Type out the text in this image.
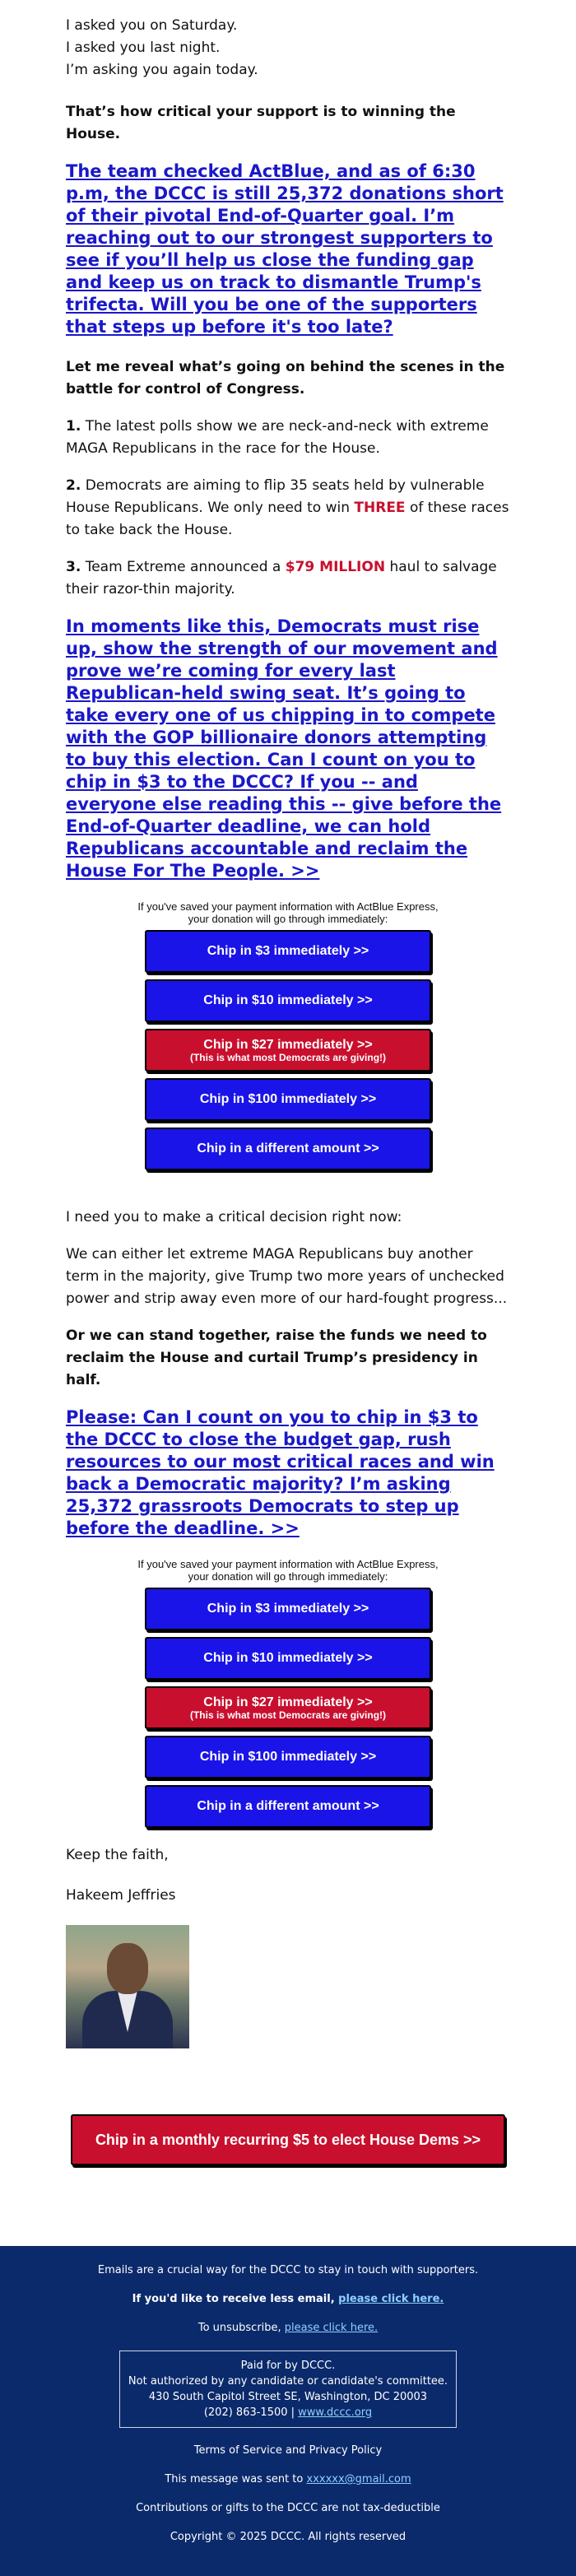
I asked you on Saturday.

I asked you last night.

I’m asking you again today.

That’s how critical your support is to winning the House.

The team checked ActBlue, and as of 6:30 p.m, the DCCC is still 25,372 donations short of their pivotal End-of-Quarter goal. I’m reaching out to our strongest supporters to see if you’ll help us close the funding gap and keep us on track to dismantle Trump's trifecta. Will you be one of the supporters that steps up before it's too late?

Let me reveal what’s going on behind the scenes in the battle for control of Congress.

1. The latest polls show we are neck-and-neck with extreme MAGA Republicans in the race for the House.

2. Democrats are aiming to flip 35 seats held by vulnerable House Republicans. We only need to win THREE of these races to take back the House.

3. Team Extreme announced a $79 MILLION haul to salvage their razor-thin majority.

In moments like this, Democrats must rise up, show the strength of our movement and prove we’re coming for every last Republican-held swing seat. It’s going to take every one of us chipping in to compete with the GOP billionaire donors attempting to buy this election. Can I count on you to chip in $3 to the DCCC? If you -- and everyone else reading this -- give before the End-of-Quarter deadline, we can hold Republicans accountable and reclaim the House For The People. >>
If you've saved your payment information with ActBlue Express,
your donation will go through immediately:
Chip in $3 immediately >>
Chip in $10 immediately >>
Chip in $27 immediately >>
(This is what most Democrats are giving!)
Chip in $100 immediately >>
Chip in a different amount >>

I need you to make a critical decision right now:

We can either let extreme MAGA Republicans buy another term in the majority, give Trump two more years of unchecked power and strip away even more of our hard-fought progress...

Or we can stand together, raise the funds we need to reclaim the House and curtail Trump’s presidency in half.

Please: Can I count on you to chip in $3 to the DCCC to close the budget gap, rush resources to our most critical races and win back a Democratic majority? I’m asking 25,372 grassroots Democrats to step up before the deadline. >>
If you've saved your payment information with ActBlue Express,
your donation will go through immediately:
Chip in $3 immediately >>
Chip in $10 immediately >>
Chip in $27 immediately >>
(This is what most Democrats are giving!)
Chip in $100 immediately >>
Chip in a different amount >>

Keep the faith,

Hakeem Jeffries

Chip in a monthly recurring $5 to elect House Dems >>

Emails are a crucial way for the DCCC to stay in touch with supporters.

If you'd like to receive less email, please click here.

To unsubscribe, please click here.

Paid for by DCCC.
Not authorized by any candidate or candidate's committee.
430 South Capitol Street SE, Washington, DC 20003
(202) 863-1500 | www.dccc.org

Terms of Service and Privacy Policy

This message was sent to xxxxxx@gmail.com

Contributions or gifts to the DCCC are not tax-deductible

Copyright © 2025 DCCC. All rights reserved
